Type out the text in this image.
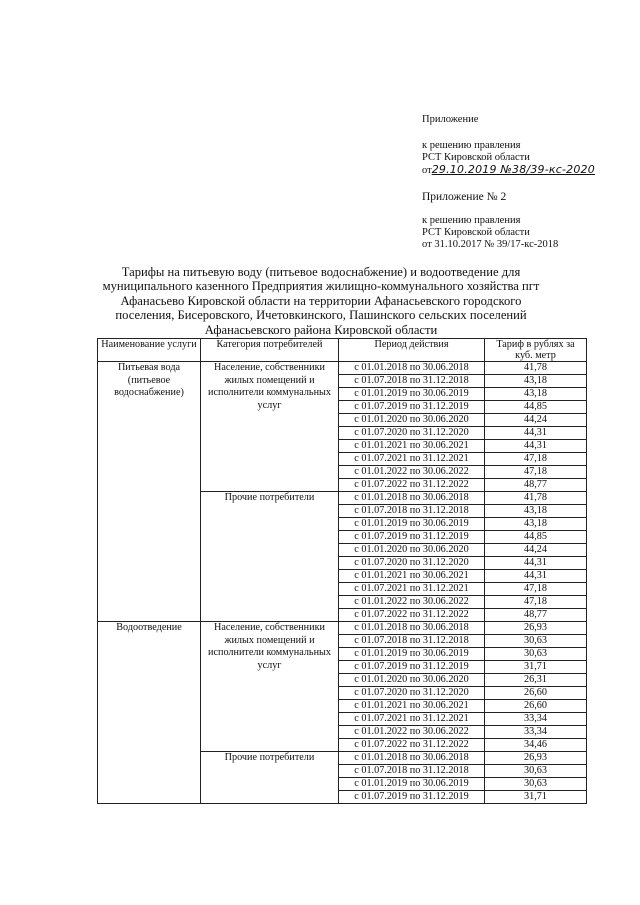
Приложение
к решению правления
РСТ Кировской области
от29.10.2019 №38/39-кс-2020
Приложение № 2
к решению правления
РСТ Кировской области
от 31.10.2017 № 39/17-кс-2018
Тарифы на питьевую воду (питьевое водоснабжение) и водоотведение для
муниципального казенного Предприятия жилищно-коммунального хозяйства пгт
Афанасьево Кировской области на территории Афанасьевского городского
поселения, Бисеровского, Ичетовкинского, Пашинского сельских поселений
Афанасьевского района Кировской области
Наименование услуги	Категория потребителей	Период действия	Тариф в рублях за куб. метр
Питьевая вода (питьевое водоснабжение)	Население, собственники жилых помещений и исполнители коммунальных услуг	с 01.01.2018 по 30.06.2018	41,78
		с 01.07.2018 по 31.12.2018	43,18
		с 01.01.2019 по 30.06.2019	43,18
		с 01.07.2019 по 31.12.2019	44,85
		с 01.01.2020 по 30.06.2020	44,24
		с 01.07.2020 по 31.12.2020	44,31
		с 01.01.2021 по 30.06.2021	44,31
		с 01.07.2021 по 31.12.2021	47,18
		с 01.01.2022 по 30.06.2022	47,18
		с 01.07.2022 по 31.12.2022	48,77
	Прочие потребители	с 01.01.2018 по 30.06.2018	41,78
		с 01.07.2018 по 31.12.2018	43,18
		с 01.01.2019 по 30.06.2019	43,18
		с 01.07.2019 по 31.12.2019	44,85
		с 01.01.2020 по 30.06.2020	44,24
		с 01.07.2020 по 31.12.2020	44,31
		с 01.01.2021 по 30.06.2021	44,31
		с 01.07.2021 по 31.12.2021	47,18
		с 01.01.2022 по 30.06.2022	47,18
		с 01.07.2022 по 31.12.2022	48,77
Водоотведение	Население, собственники жилых помещений и исполнители коммунальных услуг	с 01.01.2018 по 30.06.2018	26,93
		с 01.07.2018 по 31.12.2018	30,63
		с 01.01.2019 по 30.06.2019	30,63
		с 01.07.2019 по 31.12.2019	31,71
		с 01.01.2020 по 30.06.2020	26,31
		с 01.07.2020 по 31.12.2020	26,60
		с 01.01.2021 по 30.06.2021	26,60
		с 01.07.2021 по 31.12.2021	33,34
		с 01.01.2022 по 30.06.2022	33,34
		с 01.07.2022 по 31.12.2022	34,46
	Прочие потребители	с 01.01.2018 по 30.06.2018	26,93
		с 01.07.2018 по 31.12.2018	30,63
		с 01.01.2019 по 30.06.2019	30,63
		с 01.07.2019 по 31.12.2019	31,71
